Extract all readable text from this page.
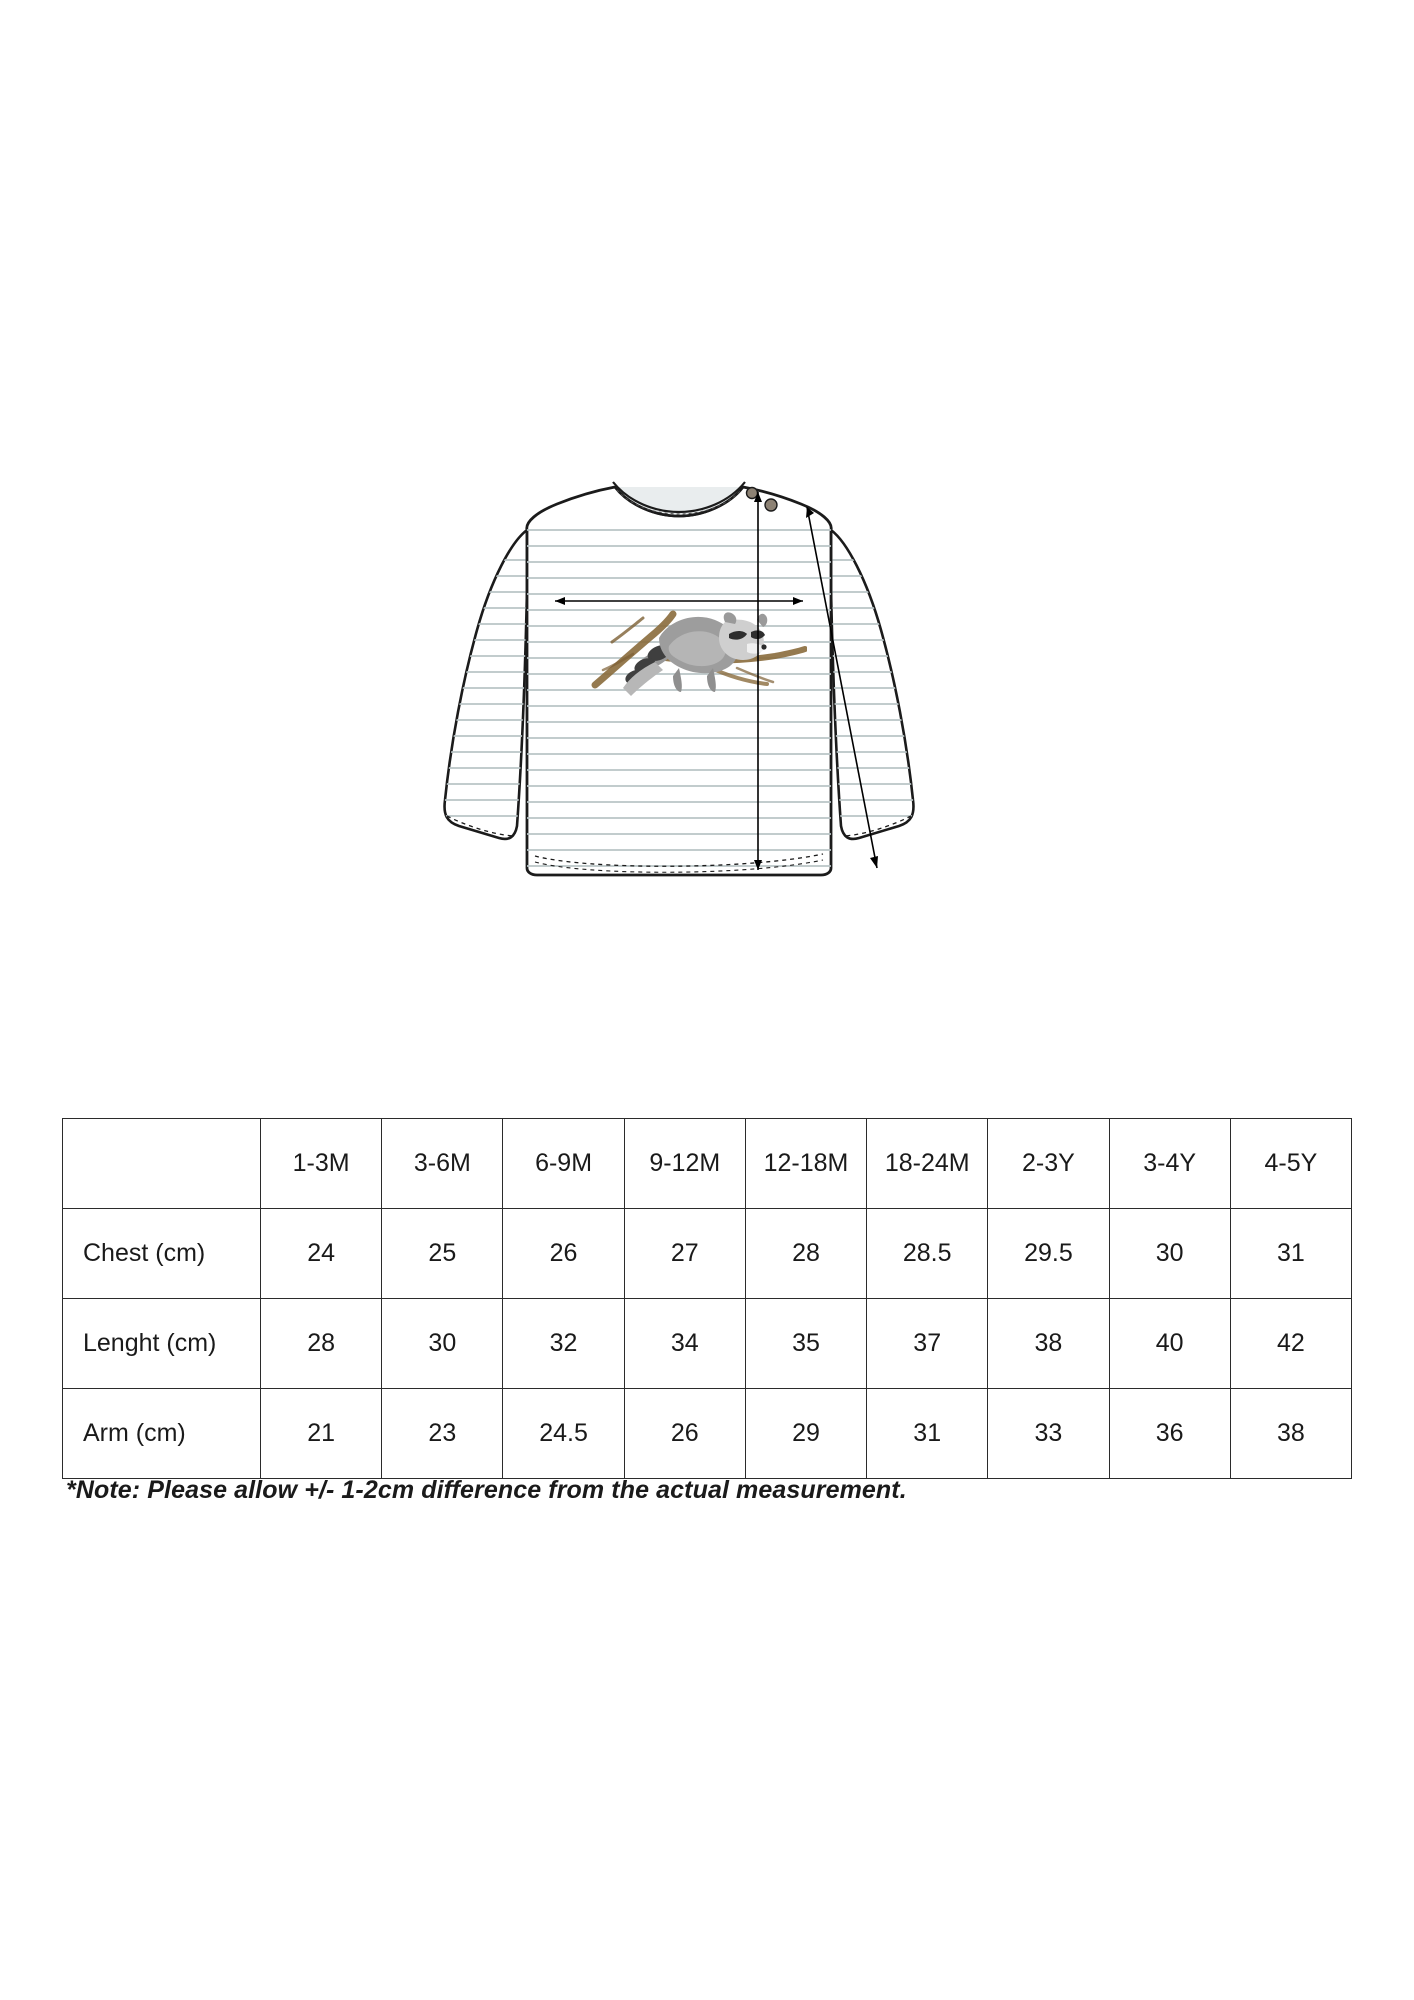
	1-3M	3-6M	6-9M	9-12M	12-18M	18-24M	2-3Y	3-4Y	4-5Y
Chest (cm)	24	25	26	27	28	28.5	29.5	30	31
Lenght (cm)	28	30	32	34	35	37	38	40	42
Arm (cm)	21	23	24.5	26	29	31	33	36	38
*Note: Please allow +/- 1-2cm difference from the actual measurement.
